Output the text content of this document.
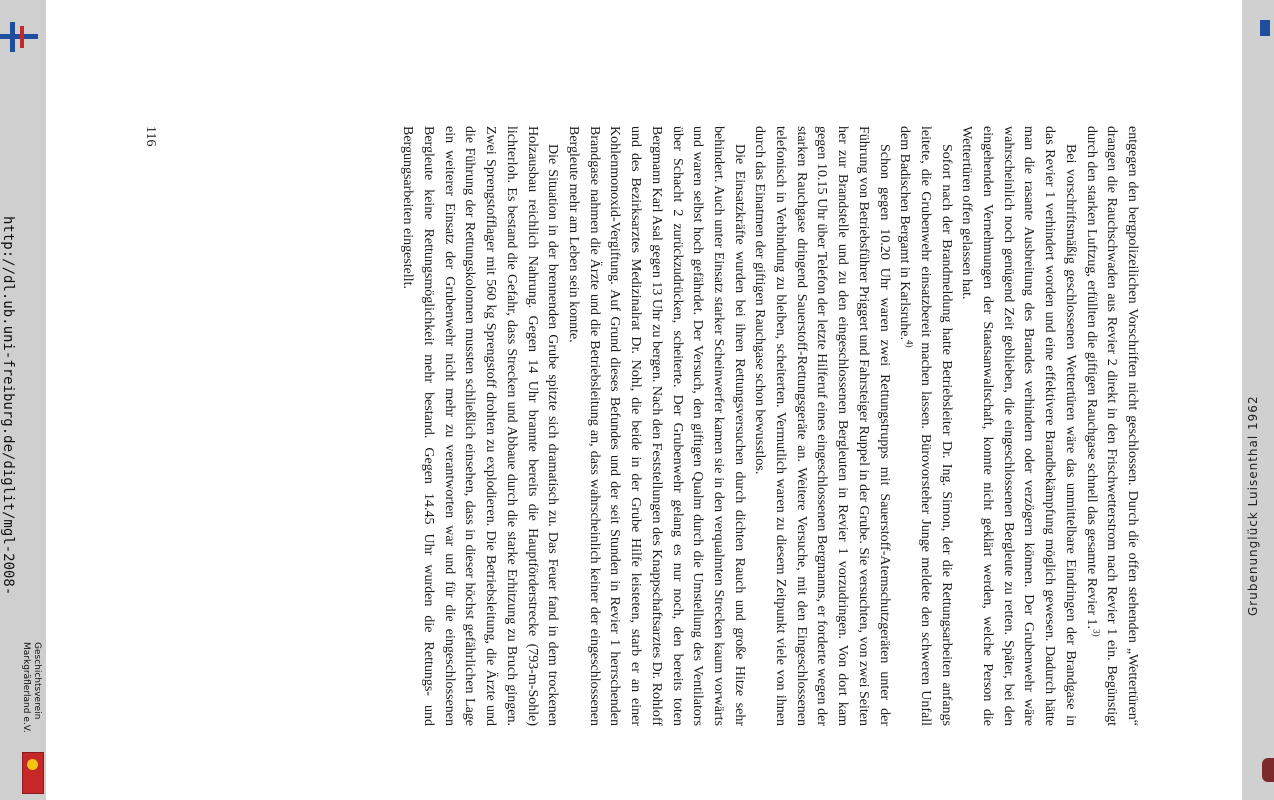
Geschichtsverein
Markgräflerland e.V.
Grubenunglück Luisenthal 1962

entgegen den bergpolizeilichen Vorschriften nicht geschlossen. Durch die offen stehenden „Wettertüren“ drangen die Rauchschwaden aus Revier 2 direkt in den Frischwetterstrom nach Revier 1 ein. Begünstigt durch den starken Luftzug, erfüllten die giftigen Rauchgase schnell das gesamte Revier 1.$^{3)}$

Bei vorschriftsmäßig geschlossenen Wettertüren wäre das unmittelbare Eindringen der Brandgase in das Revier 1 verhindert worden und eine effektivere Brandbekämpfung möglich gewesen. Dadurch hätte man die rasante Ausbreitung des Brandes verhindern oder verzögern können. Der Grubenwehr wäre wahrscheinlich noch genügend Zeit geblieben, die eingeschlossenen Bergleute zu retten. Später, bei den eingehenden Vernehmungen der Staatsanwaltschaft, konnte nicht geklärt werden, welche Person die Wettertüren offen gelassen hat.

Sofort nach der Brandmeldung hatte Betriebsleiter Dr. Ing. Simon, der die Rettungsarbeiten anfangs leitete, die Grubenwehr einsatzbereit machen lassen. Bürovorsteher Junge meldete den schweren Unfall dem Badischen Bergamt in Karlsruhe.$^{4)}$

Schon gegen 10.20 Uhr waren zwei Rettungstrupps mit Sauerstoff-Atemschutzgeräten unter der Führung von Betriebsführer Priggert und Fahrsteiger Ruppel in der Grube. Sie versuchten, von zwei Seiten her zur Brandstelle und zu den eingeschlossenen Bergleuten in Revier 1 vorzudringen. Von dort kam gegen 10.15 Uhr über Telefon der letzte Hilferuf eines eingeschlossenen Bergmanns, er forderte wegen der starken Rauchgase dringend Sauerstoff-Rettungsgeräte an. Weitere Versuche, mit den Eingeschlossenen telefonisch in Verbindung zu bleiben, scheiterten. Vermutlich waren zu diesem Zeitpunkt viele von ihnen durch das Einatmen der giftigen Rauchgase schon bewusstlos.

Die Einsatzkräfte wurden bei ihren Rettungsversuchen durch dichten Rauch und große Hitze sehr behindert. Auch unter Einsatz starker Scheinwerfer kamen sie in den verqualmten Strecken kaum vorwärts und waren selbst hoch gefährdet. Der Versuch, den giftigen Qualm durch die Umstellung des Ventilators über Schacht 2 zurückzudrücken, scheiterte. Der Grubenwehr gelang es nur noch, den bereits toten Bergmann Karl Asal gegen 13 Uhr zu bergen. Nach den Feststellungen des Knappschaftsarztes Dr. Rohloff und des Bezirksarztes Medizinalrat Dr. Nohl, die beide in der Grube Hilfe leisteten, starb er an einer Kohlenmonoxid-Vergiftung. Auf Grund dieses Befundes und der seit Stunden in Revier 1 herrschenden Brandgase nahmen die Ärzte und die Betriebsleitung an, dass wahrscheinlich keiner der eingeschlossenen Bergleute mehr am Leben sein konnte.

Die Situation in der brennenden Grube spitzte sich dramatisch zu. Das Feuer fand in dem trockenen Holzausbau reichlich Nahrung. Gegen 14 Uhr brannte bereits die Hauptförderstrecke (793-m-Sohle) lichterloh. Es bestand die Gefahr, dass Strecken und Abbaue durch die starke Erhitzung zu Bruch gingen. Zwei Sprengstofflager mit 560 kg Sprengstoff drohten zu explodieren. Die Betriebsleitung, die Ärzte und die Führung der Rettungskolonnen mussten schließlich einsehen, dass in dieser höchst gefährlichen Lage ein weiterer Einsatz der Grubenwehr nicht mehr zu verantworten war und für die eingeschlossenen Bergleute keine Rettungsmöglichkeit mehr bestand. Gegen 14.45 Uhr wurden die Rettungs- und Bergungsarbeiten eingestellt.

116
http://dl.ub.uni-freiburg.de/diglit/mgl-2008-
